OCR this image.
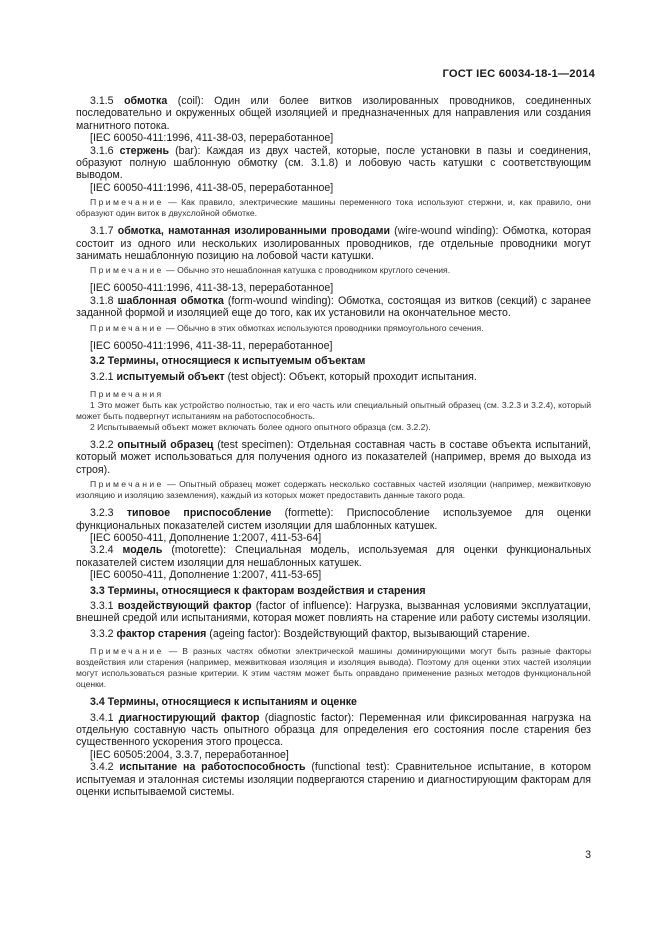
ГОСТ IEC 60034-18-1—2014

3.1.5 обмотка (coil): Один или более витков изолированных проводников, соединенных последовательно и окруженных общей изоляцией и предназначенных для направления или создания магнитного потока.

[IEC 60050-411:1996, 411-38-03, переработанное]

3.1.6 стержень (bar): Каждая из двух частей, которые, после установки в пазы и соединения, образуют полную шаблонную обмотку (см. 3.1.8) и лобовую часть катушки с соответствующим выводом.

[IEC 60050-411:1996, 411-38-05, переработанное]

Примечание — Как правило, электрические машины переменного тока используют стержни, и, как правило, они образуют один виток в двухслойной обмотке.

3.1.7 обмотка, намотанная изолированными проводами (wire-wound winding): Обмотка, которая состоит из одного или нескольких изолированных проводников, где отдельные проводники могут занимать нешаблонную позицию на лобовой части катушки.

Примечание — Обычно это нешаблонная катушка с проводником круглого сечения.

[IEC 60050-411:1996, 411-38-13, переработанное]

3.1.8 шаблонная обмотка (form-wound winding): Обмотка, состоящая из витков (секций) с заранее заданной формой и изоляцией еще до того, как их установили на окончательное место.

Примечание — Обычно в этих обмотках используются проводники прямоугольного сечения.

[IEC 60050-411:1996, 411-38-11, переработанное]

3.2 Термины, относящиеся к испытуемым объектам

3.2.1 испытуемый объект (test object): Объект, который проходит испытания.

Примечания

1 Это может быть как устройство полностью, так и его часть или специальный опытный образец (см. 3.2.3 и 3.2.4), который может быть подвергнут испытаниям на работоспособность.

2 Испытываемый объект может включать более одного опытного образца (см. 3.2.2).

3.2.2 опытный образец (test specimen): Отдельная составная часть в составе объекта испытаний, который может использоваться для получения одного из показателей (например, время до выхода из строя).

Примечание — Опытный образец может содержать несколько составных частей изоляции (например, межвитковую изоляцию и изоляцию заземления), каждый из которых может предоставить данные такого рода.

3.2.3 типовое приспособление (formette): Приспособление используемое для оценки функциональных показателей систем изоляции для шаблонных катушек.

[IEC 60050-411, Дополнение 1:2007, 411-53-64]

3.2.4 модель (motorette): Специальная модель, используемая для оценки функциональных показателей систем изоляции для нешаблонных катушек.

[IEC 60050-411, Дополнение 1:2007, 411-53-65]

3.3 Термины, относящиеся к факторам воздействия и старения

3.3.1 воздействующий фактор (factor of influence): Нагрузка, вызванная условиями эксплуатации, внешней средой или испытаниями, которая может повлиять на старение или работу системы изоляции.

3.3.2 фактор старения (ageing factor): Воздействующий фактор, вызывающий старение.

Примечание — В разных частях обмотки электрической машины доминирующими могут быть разные факторы воздействия или старения (например, межвитковая изоляция и изоляция вывода). Поэтому для оценки этих частей изоляции могут использоваться разные критерии. К этим частям может быть оправдано применение разных методов функциональной оценки.

3.4 Термины, относящиеся к испытаниям и оценке

3.4.1 диагностирующий фактор (diagnostic factor): Переменная или фиксированная нагрузка на отдельную составную часть опытного образца для определения его состояния после старения без существенного ускорения этого процесса.

[IEC 60505:2004, 3.3.7, переработанное]

3.4.2 испытание на работоспособность (functional test): Сравнительное испытание, в котором испытуемая и эталонная системы изоляции подвергаются старению и диагностирующим факторам для оценки испытываемой системы.

3
